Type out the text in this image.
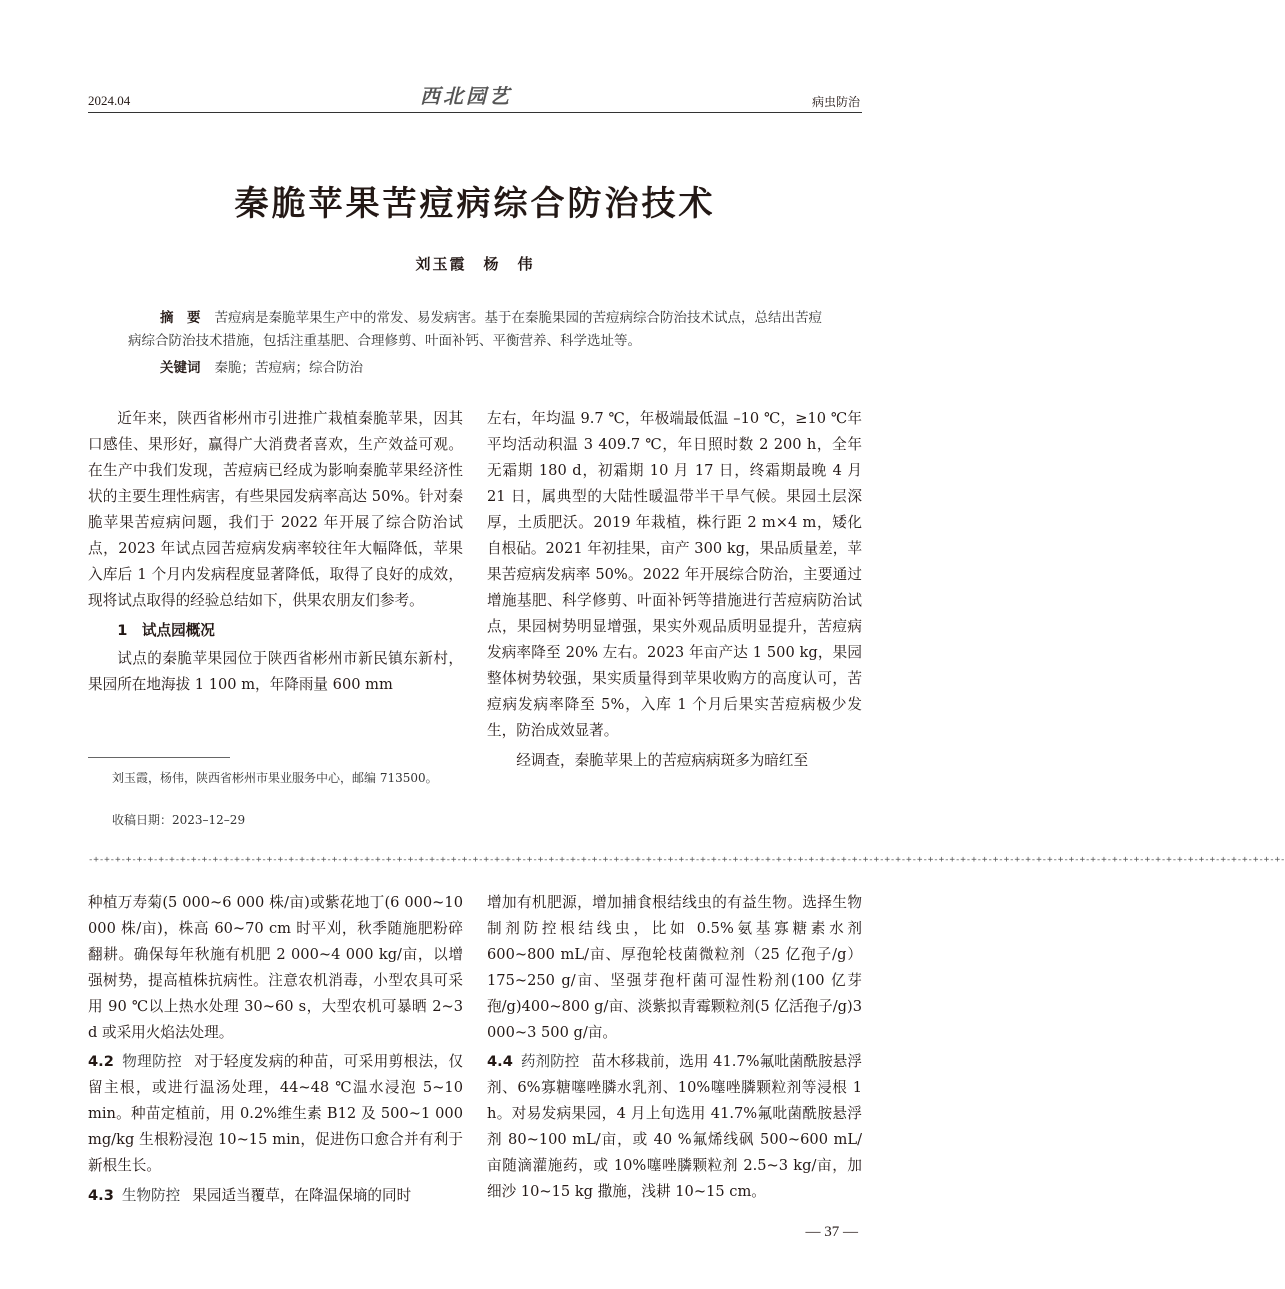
2024.04	西北园艺	病虫防治
秦脆苹果苦痘病综合防治技术
刘玉霞　杨　伟
摘　要 苦痘病是秦脆苹果生产中的常发、易发病害。基于在秦脆果园的苦痘病综合防治技术试点，总结出苦痘病综合防治技术措施，包括注重基肥、合理修剪、叶面补钙、平衡营养、科学选址等。
关键词 秦脆；苦痘病；综合防治

近年来，陕西省彬州市引进推广栽植秦脆苹果，因其口感佳、果形好，赢得广大消费者喜欢，生产效益可观。在生产中我们发现，苦痘病已经成为影响秦脆苹果经济性状的主要生理性病害，有些果园发病率高达 50%。针对秦脆苹果苦痘病问题，我们于 2022 年开展了综合防治试点，2023 年试点园苦痘病发病率较往年大幅降低，苹果入库后 1 个月内发病程度显著降低，取得了良好的成效，现将试点取得的经验总结如下，供果农朋友们参考。

1　试点园概况

试点的秦脆苹果园位于陕西省彬州市新民镇东新村，果园所在地海拔 1 100 m，年降雨量 600 mm

刘玉霞，杨伟，陕西省彬州市果业服务中心，邮编 713500。
收稿日期：2023–12–29

左右，年均温 9.7 ℃，年极端最低温 –10 ℃，≥10 ℃年平均活动积温 3 409.7 ℃，年日照时数 2 200 h，全年无霜期 180 d，初霜期 10 月 17 日，终霜期最晚 4 月 21 日，属典型的大陆性暖温带半干旱气候。果园土层深厚，土质肥沃。2019 年栽植，株行距 2 m×4 m，矮化自根砧。2021 年初挂果，亩产 300 kg，果品质量差，苹果苦痘病发病率 50%。2022 年开展综合防治，主要通过增施基肥、科学修剪、叶面补钙等措施进行苦痘病防治试点，果园树势明显增强，果实外观品质明显提升，苦痘病发病率降至 20% 左右。2023 年亩产达 1 500 kg，果园整体树势较强，果实质量得到苹果收购方的高度认可，苦痘病发病率降至 5%，入库 1 个月后果实苦痘病极少发生，防治成效显著。

经调查，秦脆苹果上的苦痘病病斑多为暗红至

-+-+-+-+-+-+-+-+-+-+-+-+-+-+-+-+-+-+-+-+-+-+-+-+-+-+-+-+-+-+-+-+-+-+-+-+-+-+-+-+-+-+-+-+-+-+-+-+-+-+-+-+-+-+-+-+-+-+-+-+-+-+-+-+-+-+-+-+-+-+-+-+-+-+-+-+-+-+-+-+-+-+-+-+-+-+-+-+-+-+-+-+-+-+-+-+-+-+-+-+-+-+-+-+-+-+-+-+-+-+-

种植万寿菊(5 000~6 000 株/亩)或紫花地丁(6 000~10 000 株/亩)，株高 60~70 cm 时平刈，秋季随施肥粉碎翻耕。确保每年秋施有机肥 2 000~4 000 kg/亩，以增强树势，提高植株抗病性。注意农机消毒，小型农具可采用 90 ℃以上热水处理 30~60 s，大型农机可暴晒 2~3 d 或采用火焰法处理。

4.2 物理防控 对于轻度发病的种苗，可采用剪根法，仅留主根，或进行温汤处理，44~48 ℃温水浸泡 5~10 min。种苗定植前，用 0.2%维生素 B12 及 500~1 000 mg/kg 生根粉浸泡 10~15 min，促进伤口愈合并有利于新根生长。

4.3 生物防控 果园适当覆草，在降温保墒的同时

增加有机肥源，增加捕食根结线虫的有益生物。选择生物制剂防控根结线虫，比如 0.5%氨基寡糖素水剂 600~800 mL/亩、厚孢轮枝菌微粒剂（25 亿孢子/g）175~250 g/亩、坚强芽孢杆菌可湿性粉剂(100 亿芽孢/g)400~800 g/亩、淡紫拟青霉颗粒剂(5 亿活孢子/g)3 000~3 500 g/亩。

4.4 药剂防控 苗木移栽前，选用 41.7%氟吡菌酰胺悬浮剂、6%寡糖噻唑膦水乳剂、10%噻唑膦颗粒剂等浸根 1 h。对易发病果园，4 月上旬选用 41.7%氟吡菌酰胺悬浮剂 80~100 mL/亩，或 40 %氟烯线砜 500~600 mL/亩随滴灌施药，或 10%噻唑膦颗粒剂 2.5~3 kg/亩，加细沙 10~15 kg 撒施，浅耕 10~15 cm。

— 37 —
